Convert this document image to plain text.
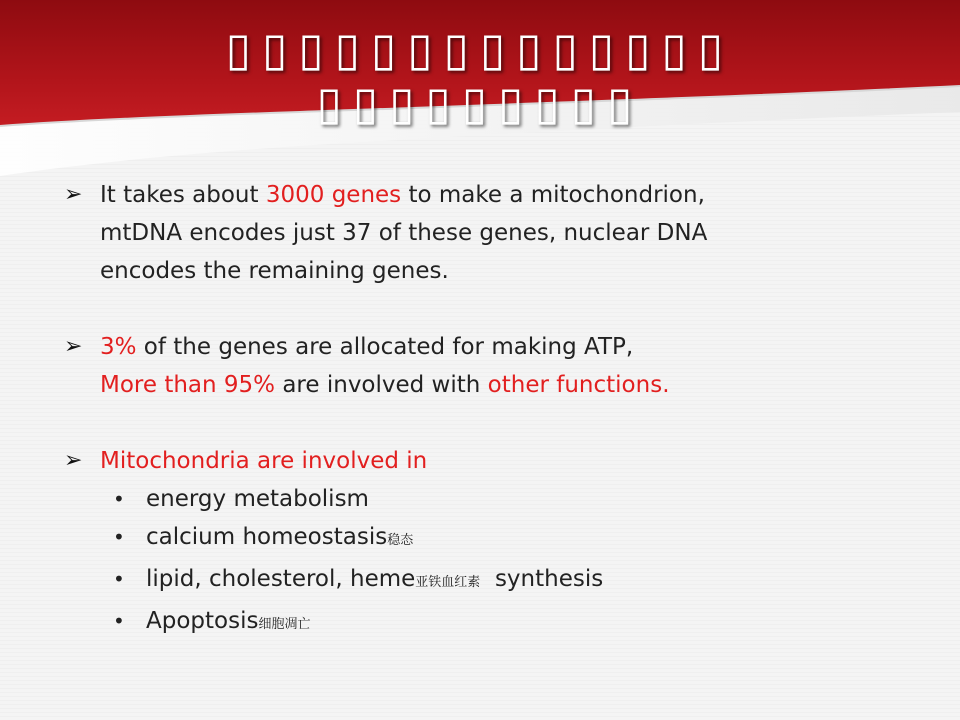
▯▯▯▯▯▯▯▯▯▯▯▯▯▯
▯▯▯▯▯▯▯▯▯
➢ It takes about 3000 genes to make a mitochondrion,
mtDNA encodes just 37 of these genes, nuclear DNA
encodes the remaining genes.
➢ 3% of the genes are allocated for making ATP,
More than 95% are involved with other functions.
➢ Mitochondria are involved in
• energy metabolism
• calcium homeostasis稳态
• lipid, cholesterol, heme亚铁血红素 synthesis
• Apoptosis细胞凋亡
